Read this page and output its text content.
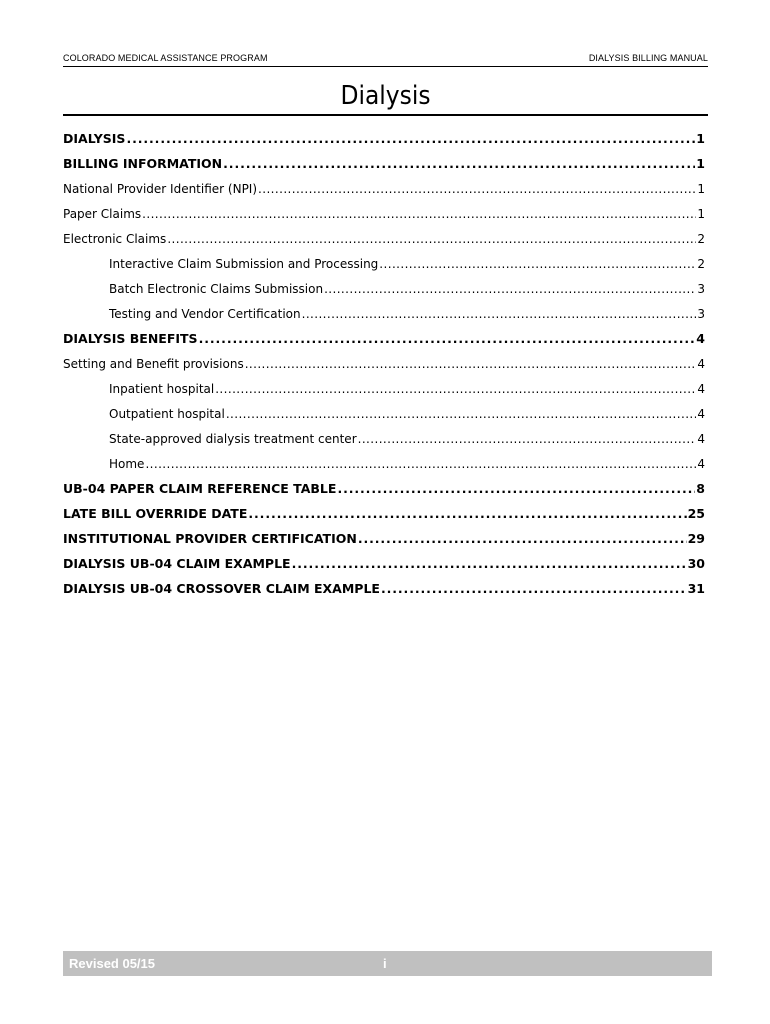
COLORADO MEDICAL ASSISTANCE PROGRAM	DIALYSIS BILLING MANUAL
Dialysis
DIALYSIS .....	1
BILLING INFORMATION .....	1
National Provider Identifier (NPI) .....	1
Paper Claims .....	1
Electronic Claims .....	2
Interactive Claim Submission and Processing .....	2
Batch Electronic Claims Submission .....	3
Testing and Vendor Certification .....	3
DIALYSIS BENEFITS .....	4
Setting and Benefit provisions .....	4
Inpatient hospital .....	4
Outpatient hospital .....	4
State-approved dialysis treatment center .....	4
Home .....	4
UB-04 PAPER CLAIM REFERENCE TABLE .....	8
LATE BILL OVERRIDE DATE .....	25
INSTITUTIONAL PROVIDER CERTIFICATION .....	29
DIALYSIS UB-04 CLAIM EXAMPLE .....	30
DIALYSIS UB-04 CROSSOVER CLAIM EXAMPLE .....	31
Revised 05/15	i
